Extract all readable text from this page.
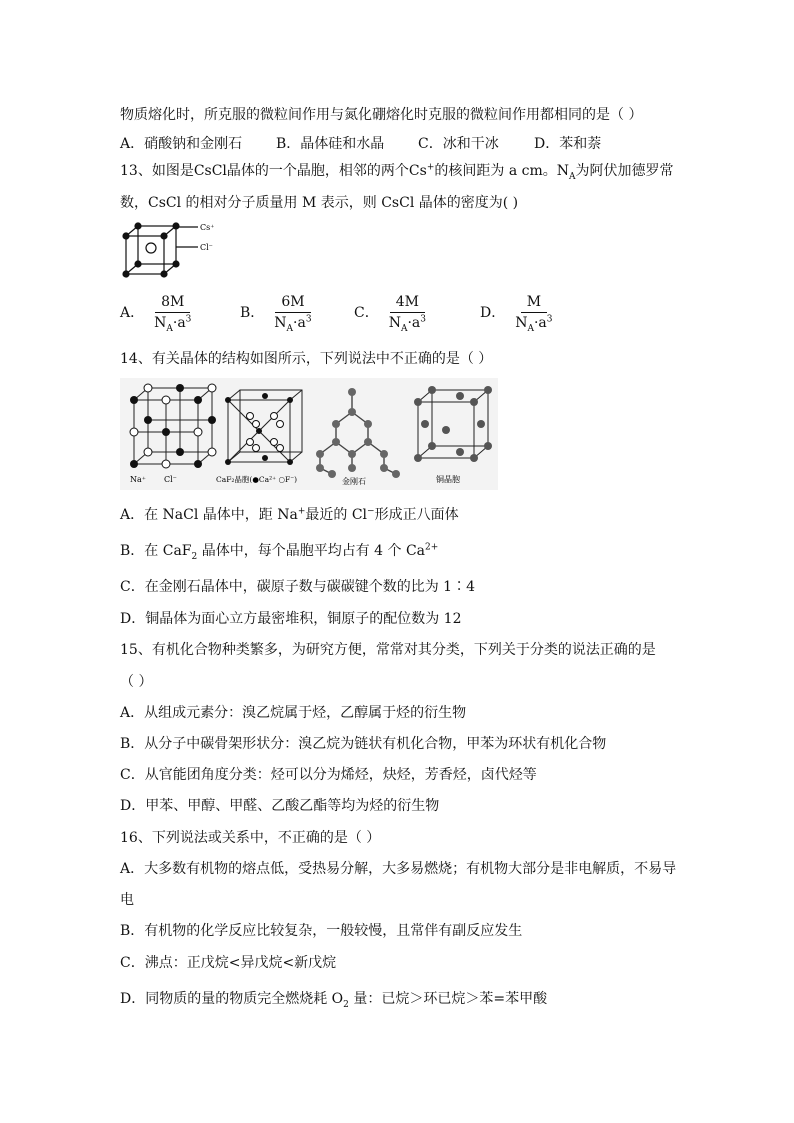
物质熔化时，所克服的微粒间作用与氮化硼熔化时克服的微粒间作用都相同的是（ ）
A．硝酸钠和金刚石	B．晶体硅和水晶	C．冰和干冰	D．苯和萘
13、如图是CsCl晶体的一个晶胞，相邻的两个Cs+的核间距为 a cm。$N_A$为阿伏加德罗常
数，CsCl 的相对分子质量用 M 表示，则 CsCl 晶体的密度为( )
Cs⁺
Cl⁻
A． $\frac{8M}{N_A\cdot a^3}$	B． $\frac{6M}{N_A\cdot a^3}$	C． $\frac{4M}{N_A\cdot a^3}$	D． $\frac{M}{N_A\cdot a^3}$
14、有关晶体的结构如图所示，下列说法中不正确的是（ ）
Na⁺ Cl⁻	CaF₂晶胞(●Ca²⁺ ○F⁻)	金刚石	铜晶胞
A．在 NaCl 晶体中，距 Na+最近的 Cl−形成正八面体
B．在 CaF$_2$ 晶体中，每个晶胞平均占有 4 个 $Ca^{2+}$
C．在金刚石晶体中，碳原子数与碳碳键个数的比为 1∶4
D．铜晶体为面心立方最密堆积，铜原子的配位数为 12
15、有机化合物种类繁多，为研究方便，常常对其分类，下列关于分类的说法正确的是
（ ）
A．从组成元素分：溴乙烷属于烃，乙醇属于烃的衍生物
B．从分子中碳骨架形状分：溴乙烷为链状有机化合物，甲苯为环状有机化合物
C．从官能团角度分类：烃可以分为烯烃，炔烃，芳香烃，卤代烃等
D．甲苯、甲醇、甲醛、乙酸乙酯等均为烃的衍生物
16、下列说法或关系中，不正确的是（ ）
A．大多数有机物的熔点低，受热易分解，大多易燃烧；有机物大部分是非电解质，不易导
电
B．有机物的化学反应比较复杂，一般较慢，且常伴有副反应发生
C．沸点：正戊烷<异戊烷<新戊烷
D．同物质的量的物质完全燃烧耗 $O_2$ 量：已烷＞环已烷＞苯=苯甲酸
